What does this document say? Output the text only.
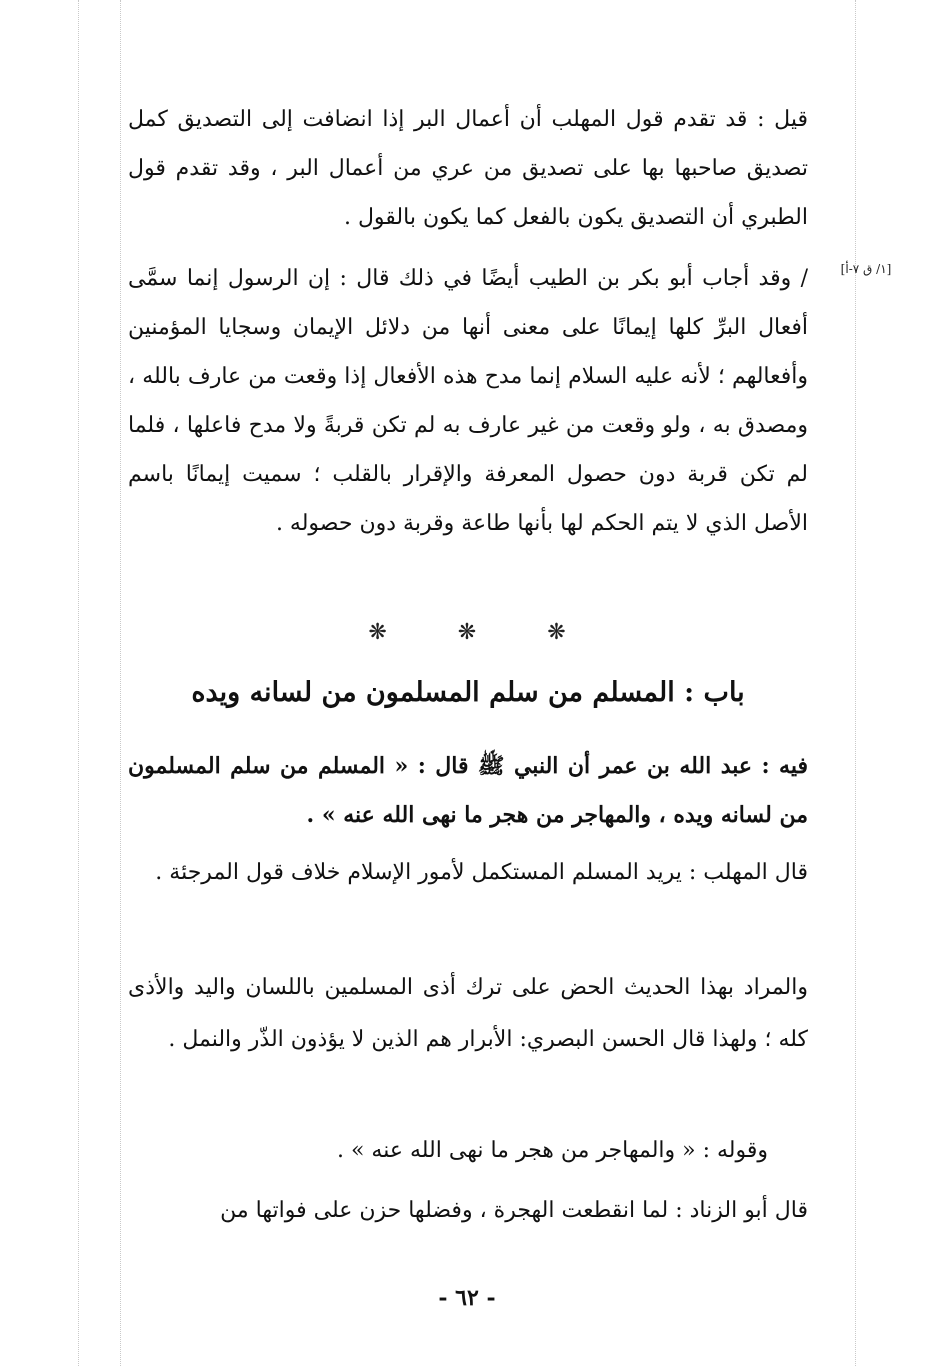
[١/ ق ٧-أ]

قيل : قد تقدم قول المهلب أن أعمال البر إذا انضافت إلى التصديق كمل تصديق صاحبها بها على تصديق من عري من أعمال البر ، وقد تقدم قول الطبري أن التصديق يكون بالفعل كما يكون بالقول .

/ وقد أجاب أبو بكر بن الطيب أيضًا في ذلك قال : إن الرسول إنما سمَّى أفعال البرِّ كلها إيمانًا على معنى أنها من دلائل الإيمان وسجايا المؤمنين وأفعالهم ؛ لأنه عليه السلام إنما مدح هذه الأفعال إذا وقعت من عارف بالله ، ومصدق به ، ولو وقعت من غير عارف به لم تكن قربةً ولا مدح فاعلها ، فلما لم تكن قربة دون حصول المعرفة والإقرار بالقلب ؛ سميت إيمانًا باسم الأصل الذي لا يتم الحكم لها بأنها طاعة وقربة دون حصوله .

❋	❋	❋
باب : المسلم من سلم المسلمون من لسانه ويده

فيه : عبد الله بن عمر أن النبي ﷺ قال : « المسلم من سلم المسلمون من لسانه ويده ، والمهاجر من هجر ما نهى الله عنه » .

قال المهلب : يريد المسلم المستكمل لأمور الإسلام خلاف قول المرجئة .

والمراد بهذا الحديث الحض على ترك أذى المسلمين باللسان واليد والأذى كله ؛ ولهذا قال الحسن البصري: الأبرار هم الذين لا يؤذون الذّر والنمل .

وقوله : « والمهاجر من هجر ما نهى الله عنه » .

قال أبو الزناد : لما انقطعت الهجرة ، وفضلها حزن على فواتها من

- ٦٢ -
